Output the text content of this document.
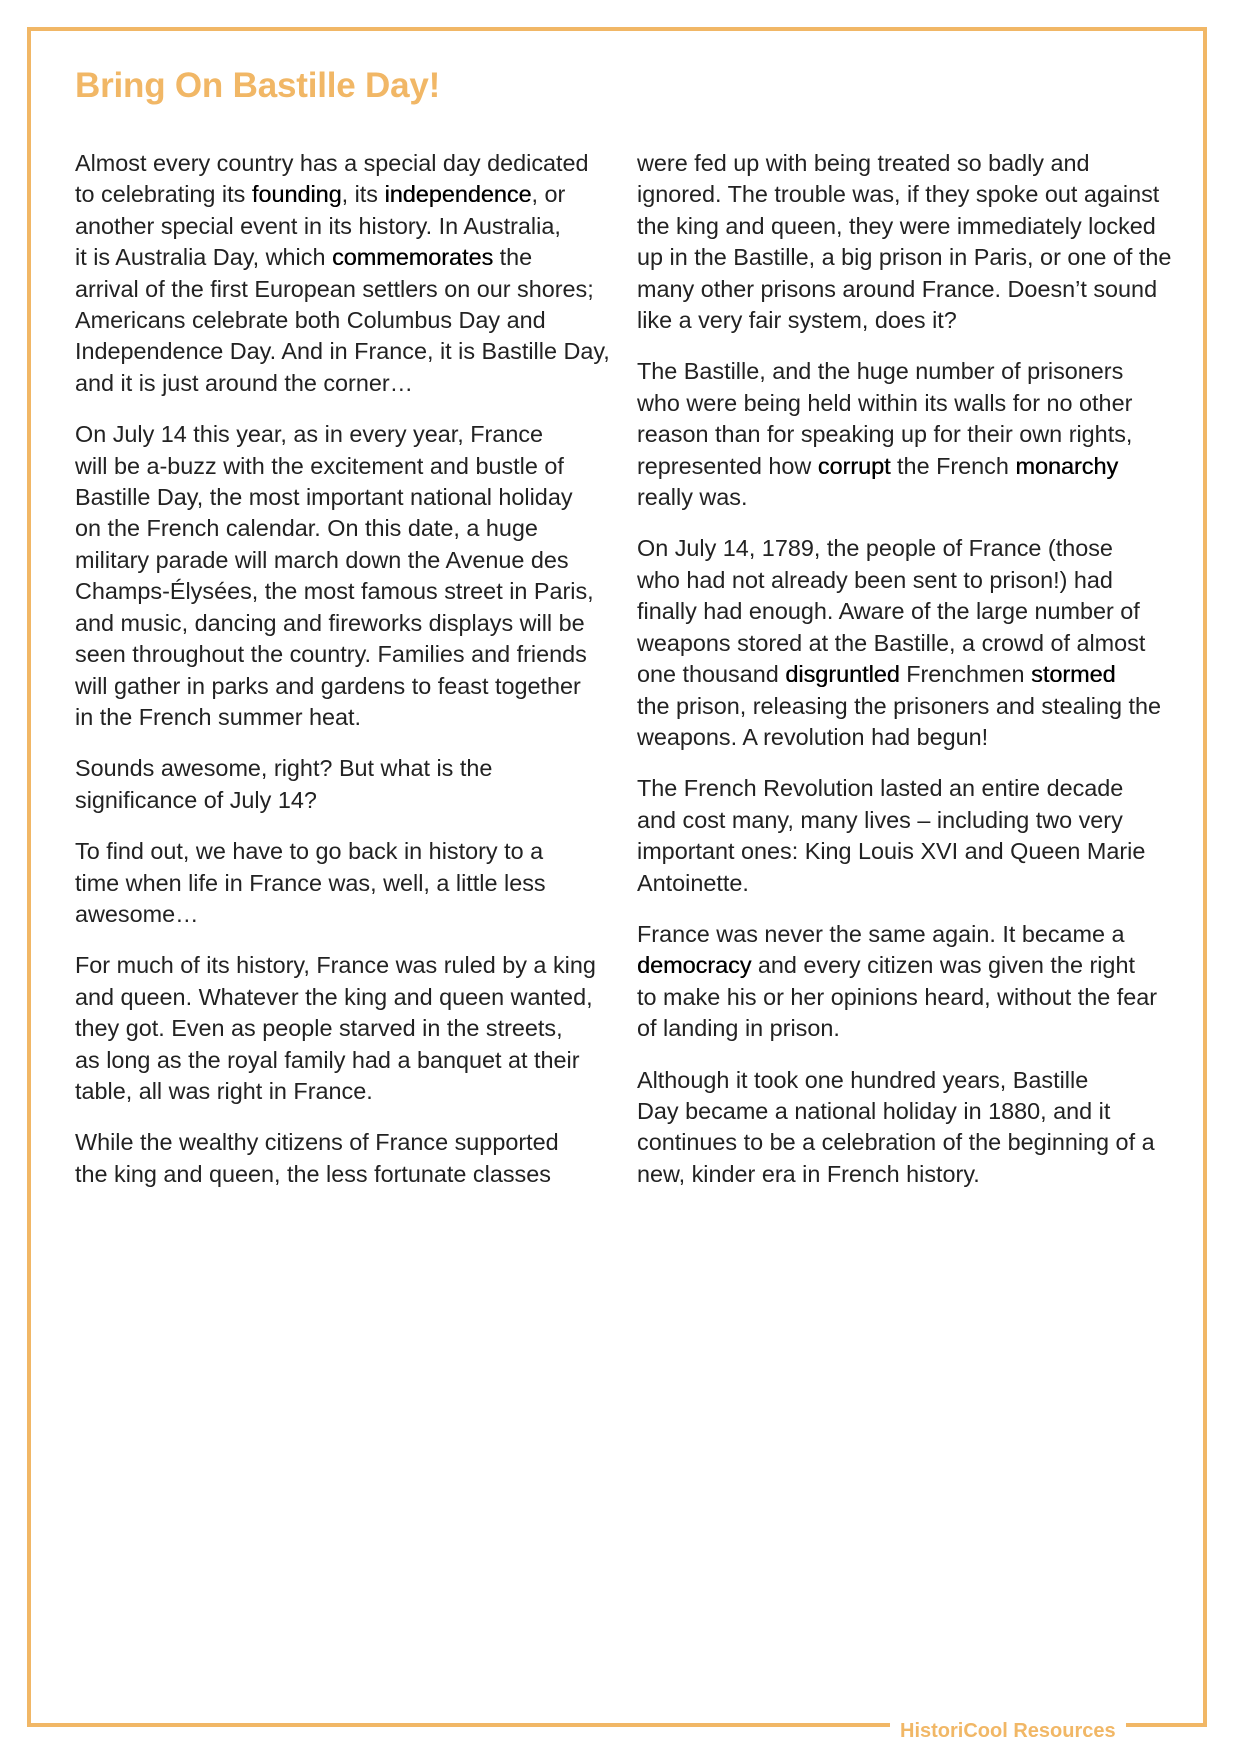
Bring On Bastille Day!

Almost every country has a special day dedicated
to celebrating its founding, its independence, or
another special event in its history. In Australia,
it is Australia Day, which commemorates the
arrival of the first European settlers on our shores;
Americans celebrate both Columbus Day and
Independence Day. And in France, it is Bastille Day,
and it is just around the corner…

On July 14 this year, as in every year, France
will be a-buzz with the excitement and bustle of
Bastille Day, the most important national holiday
on the French calendar. On this date, a huge
military parade will march down the Avenue des
Champs-Élysées, the most famous street in Paris,
and music, dancing and fireworks displays will be
seen throughout the country. Families and friends
will gather in parks and gardens to feast together
in the French summer heat.

Sounds awesome, right? But what is the
significance of July 14?

To find out, we have to go back in history to a
time when life in France was, well, a little less
awesome…

For much of its history, France was ruled by a king
and queen. Whatever the king and queen wanted,
they got. Even as people starved in the streets,
as long as the royal family had a banquet at their
table, all was right in France.

While the wealthy citizens of France supported
the king and queen, the less fortunate classes

were fed up with being treated so badly and
ignored. The trouble was, if they spoke out against
the king and queen, they were immediately locked
up in the Bastille, a big prison in Paris, or one of the
many other prisons around France. Doesn’t sound
like a very fair system, does it?

The Bastille, and the huge number of prisoners
who were being held within its walls for no other
reason than for speaking up for their own rights,
represented how corrupt the French monarchy
really was.

On July 14, 1789, the people of France (those
who had not already been sent to prison!) had
finally had enough. Aware of the large number of
weapons stored at the Bastille, a crowd of almost
one thousand disgruntled Frenchmen stormed
the prison, releasing the prisoners and stealing the
weapons. A revolution had begun!

The French Revolution lasted an entire decade
and cost many, many lives – including two very
important ones: King Louis XVI and Queen Marie
Antoinette.

France was never the same again. It became a
democracy and every citizen was given the right
to make his or her opinions heard, without the fear
of landing in prison.

Although it took one hundred years, Bastille
Day became a national holiday in 1880, and it
continues to be a celebration of the beginning of a
new, kinder era in French history.

HistoriCool Resources
